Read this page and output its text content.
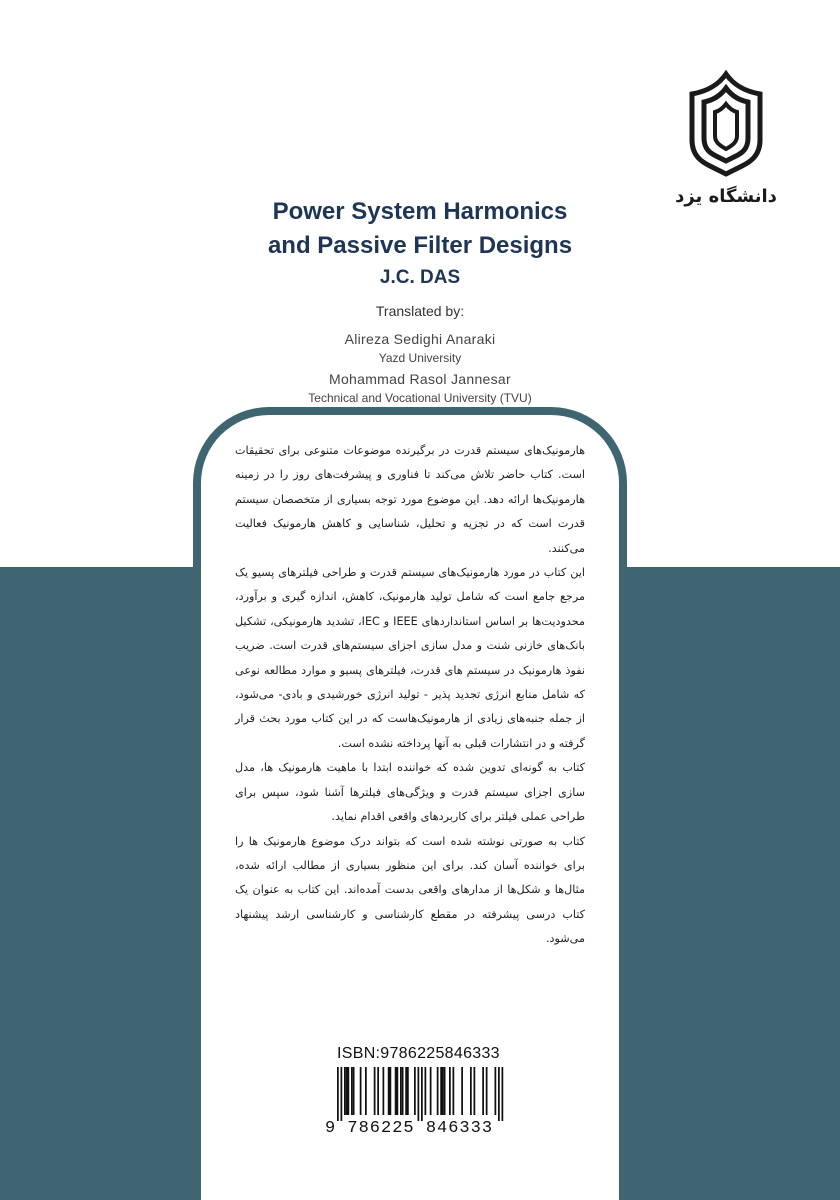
دانشگاه یزد
Power System Harmonics
and Passive Filter Designs
J.C. DAS
Translated by:
Alireza Sedighi Anaraki
Yazd University
Mohammad Rasol Jannesar
Technical and Vocational University (TVU)

هارمونیک‌های سیستم قدرت در برگیرنده موضوعات متنوعی برای تحقیقات است. کتاب حاضر تلاش می‌کند تا فناوری و پیشرفت‌های روز را در زمینه هارمونیک‌ها ارائه دهد. این موضوع مورد توجه بسیاری از متخصصان سیستم قدرت است که در تجزیه و تحلیل، شناسایی و کاهش هارمونیک فعالیت می‌کنند.

این کتاب در مورد هارمونیک‌های سیستم قدرت و طراحی فیلترهای پسیو یک مرجع جامع است که شامل تولید هارمونیک، کاهش، اندازه گیری و برآورد، محدودیت‌ها بر اساس استانداردهای IEEE و IEC، تشدید هارمونیکی، تشکیل بانک‌های خازنی شنت و مدل سازی اجزای سیستم‌های قدرت است. ضریب نفوذ هارمونیک در سیستم های قدرت، فیلترهای پسیو و موارد مطالعه نوعی که شامل منابع انرژی تجدید پذیر - تولید انرژی خورشیدی و بادی- می‌شود، از جمله جنبه‌های زیادی از هارمونیک‌هاست که در این کتاب مورد بحث قرار گرفته و در انتشارات قبلی به آنها پرداخته نشده است.

کتاب به گونه‌ای تدوین شده که خواننده ابتدا با ماهیت هارمونیک ها، مدل سازی اجزای سیستم قدرت و ویژگی‌های فیلترها آشنا شود، سپس برای طراحی عملی فیلتر برای کاربردهای واقعی اقدام نماید.

کتاب به صورتی نوشته شده است که بتواند درک موضوع هارمونیک ها را برای خواننده آسان کند. برای این منظور بسیاری از مطالب ارائه شده، مثال‌ها و شکل‌ها از مدارهای واقعی بدست آمده‌اند. این کتاب به عنوان یک کتاب درسی پیشرفته در مقطع کارشناسی و کارشناسی ارشد پیشنهاد می‌شود.

ISBN:9786225846333
9 786225 846333
